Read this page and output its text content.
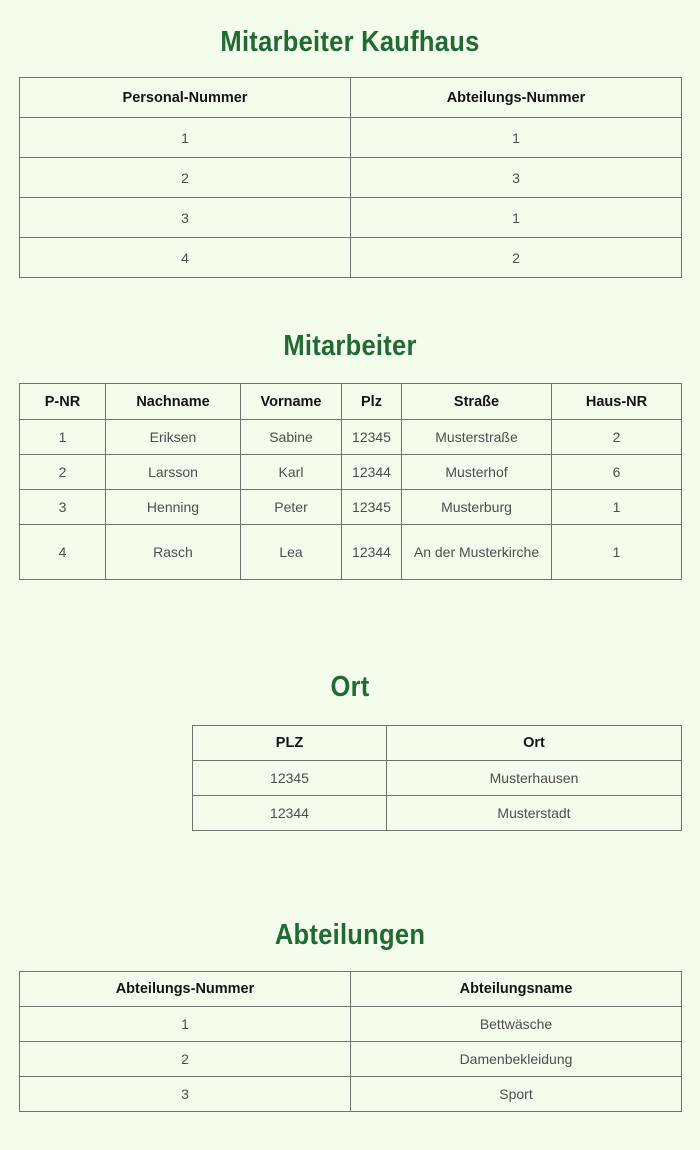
Mitarbeiter Kaufhaus
Personal-Nummer	Abteilungs-Nummer
1	1
2	3
3	1
4	2
Mitarbeiter
P-NR	Nachname	Vorname	Plz	Straße	Haus-NR
1	Eriksen	Sabine	12345	Musterstraße	2
2	Larsson	Karl	12344	Musterhof	6
3	Henning	Peter	12345	Musterburg	1
4	Rasch	Lea	12344	An der Musterkirche	1
Ort
PLZ	Ort
12345	Musterhausen
12344	Musterstadt
Abteilungen
Abteilungs-Nummer	Abteilungsname
1	Bettwäsche
2	Damenbekleidung
3	Sport
